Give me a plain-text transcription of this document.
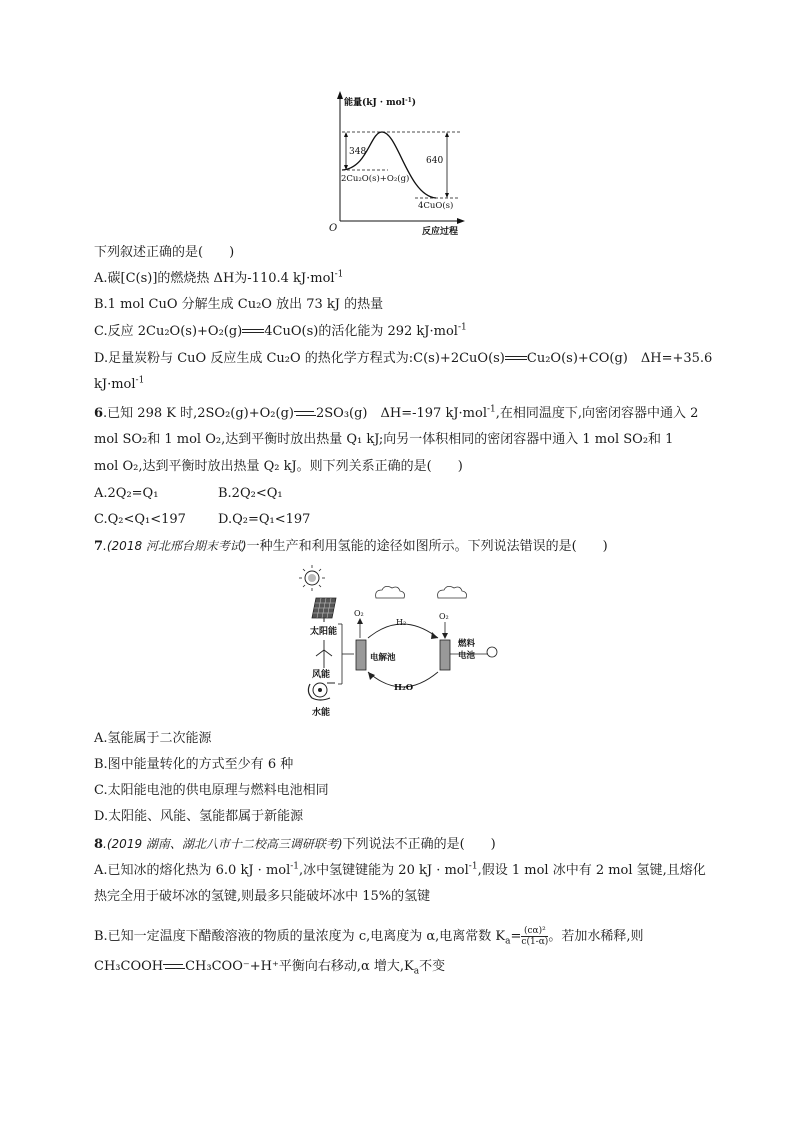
能量(kJ · mol$^{-1}$)
348
640
2Cu₂O(s)+O₂(g)
4CuO(s)
O	反应过程
下列叙述正确的是(　　)
A.碳[C(s)]的燃烧热 ΔH为-110.4 kJ·mol$^{-1}$
B.1 mol CuO 分解生成 Cu₂O 放出 73 kJ 的热量
C.反应 2Cu₂O(s)+O₂(g) 4CuO(s)的活化能为 292 kJ·mol$^{-1}$
D.足量炭粉与 CuO 反应生成 Cu₂O 的热化学方程式为:C(s)+2CuO(s) Cu₂O(s)+CO(g)　ΔH=+35.6
kJ·mol$^{-1}$
6.已知 298 K 时,2SO₂(g)+O₂(g) 2SO₃(g)　ΔH=-197 kJ·mol$^{-1}$,在相同温度下,向密闭容器中通入 2
mol SO₂和 1 mol O₂,达到平衡时放出热量 Q₁ kJ;向另一体积相同的密闭容器中通入 1 mol SO₂和 1
mol O₂,达到平衡时放出热量 Q₂ kJ。则下列关系正确的是(　　)
A.2Q₂=Q₁	B.2Q₂<Q₁
C.Q₂<Q₁<197 D.Q₂=Q₁<197
7.(2018 河北邢台期末考试)一种生产和利用氢能的途径如图所示。下列说法错误的是(　　)
太阳能
风能
水能
电解池
燃料
电池
O₂
H₂
O₂
H₂O
A.氢能属于二次能源
B.图中能量转化的方式至少有 6 种
C.太阳能电池的供电原理与燃料电池相同
D.太阳能、风能、氢能都属于新能源
8.(2019 湖南、湖北八市十二校高三调研联考)下列说法不正确的是(　　)
A.已知冰的熔化热为 6.0 kJ · mol$^{-1}$,冰中氢键键能为 20 kJ · mol$^{-1}$,假设 1 mol 冰中有 2 mol 氢键,且熔化
热完全用于破坏冰的氢键,则最多只能破坏冰中 15%的氢键
B.已知一定温度下醋酸溶液的物质的量浓度为 c,电离度为 α,电离常数 $K_a= \frac{\text{(cα)²}}{c(1-\alpha)}$ 。若加水稀释,则
CH₃COOH CH₃COO⁻+H⁺平衡向右移动,α 增大$,K_a$不变
